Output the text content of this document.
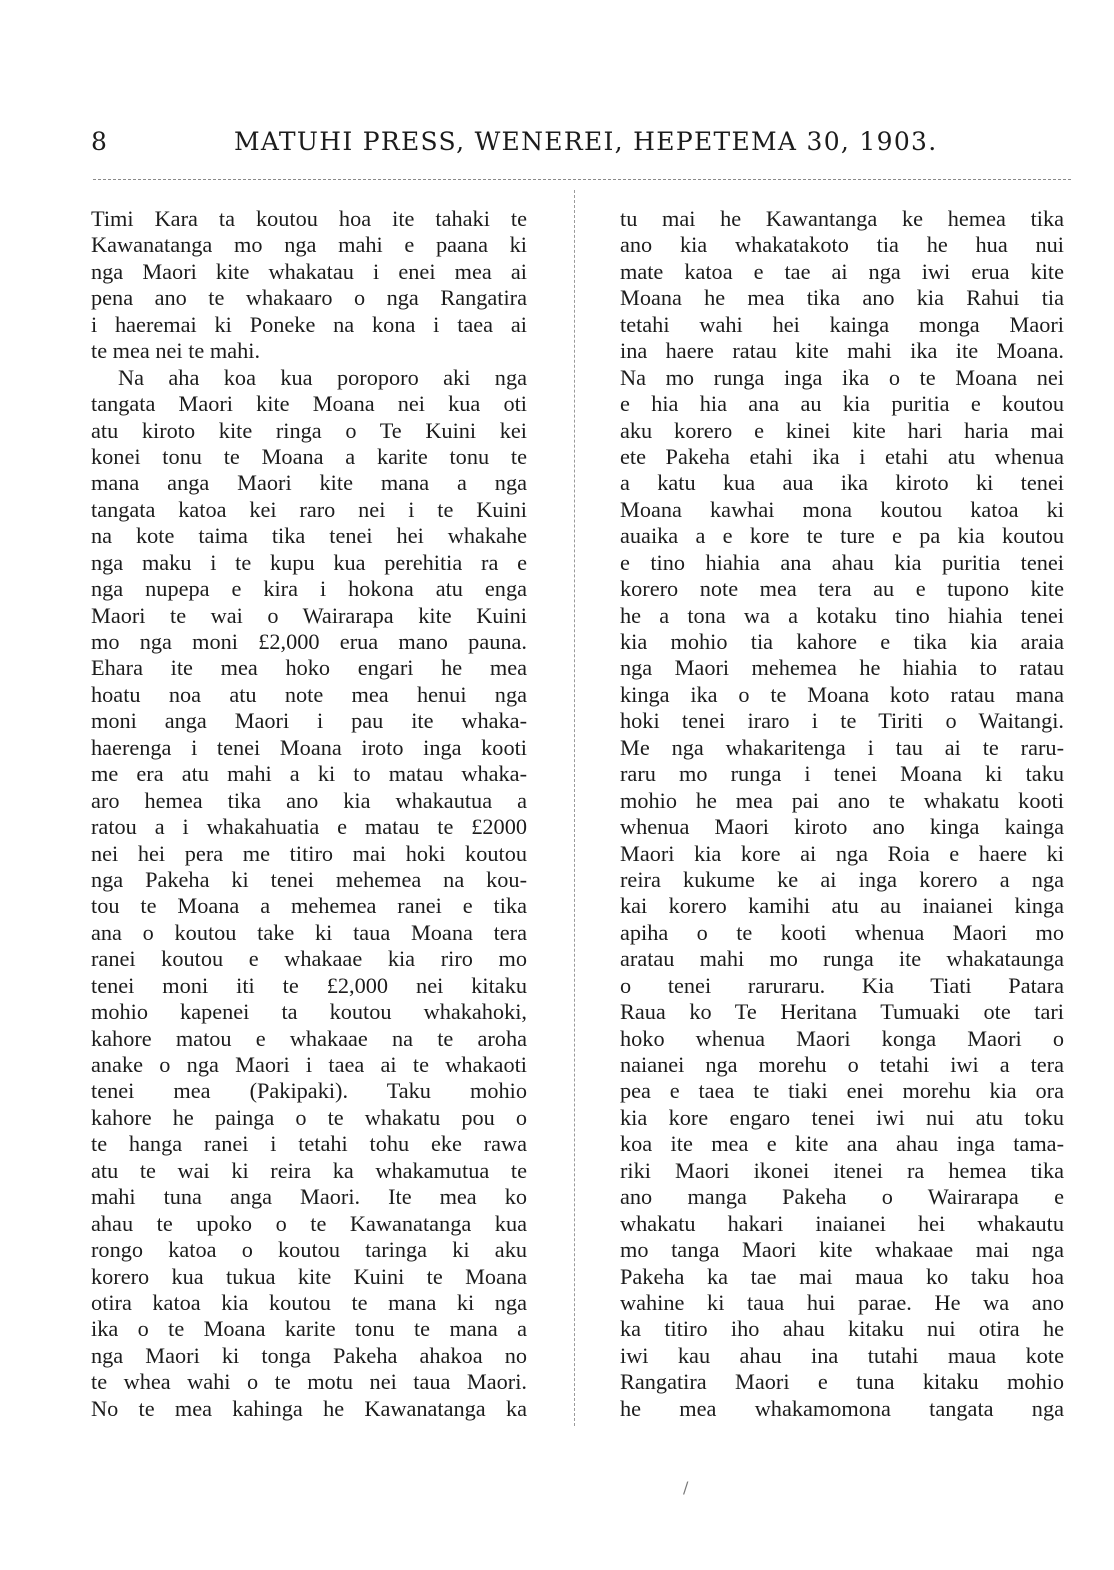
8	MATUHI PRESS, WENEREI, HEPETEMA 30, 1903.
Timi Kara ta koutou hoa ite tahaki te
Kawanatanga mo nga mahi e paana ki
nga Maori kite whakatau i enei mea ai
pena ano te whakaaro o nga Rangatira
i haeremai ki Poneke na kona i taea ai
te mea nei te mahi.
Na aha koa kua poroporo aki nga
tangata Maori kite Moana nei kua oti
atu kiroto kite ringa o Te Kuini kei
konei tonu te Moana a karite tonu te
mana anga Maori kite mana a nga
tangata katoa kei raro nei i te Kuini
na kote taima tika tenei hei whakahe
nga maku i te kupu kua perehitia ra e
nga nupepa e kira i hokona atu enga
Maori te wai o Wairarapa kite Kuini
mo nga moni £2,000 erua mano pauna.
Ehara ite mea hoko engari he mea
hoatu noa atu note mea henui nga
moni anga Maori i pau ite whaka-
haerenga i tenei Moana iroto inga kooti
me era atu mahi a ki to matau whaka-
aro hemea tika ano kia whakautua a
ratou a i whakahuatia e matau te £2000
nei hei pera me titiro mai hoki koutou
nga Pakeha ki tenei mehemea na kou-
tou te Moana a mehemea ranei e tika
ana o koutou take ki taua Moana tera
ranei koutou e whakaae kia riro mo
tenei moni iti te £2,000 nei kitaku
mohio kapenei ta koutou whakahoki,
kahore matou e whakaae na te aroha
anake o nga Maori i taea ai te whakaoti
tenei mea (Pakipaki). Taku mohio
kahore he painga o te whakatu pou o
te hanga ranei i tetahi tohu eke rawa
atu te wai ki reira ka whakamutua te
mahi tuna anga Maori. Ite mea ko
ahau te upoko o te Kawanatanga kua
rongo katoa o koutou taringa ki aku
korero kua tukua kite Kuini te Moana
otira katoa kia koutou te mana ki nga
ika o te Moana karite tonu te mana a
nga Maori ki tonga Pakeha ahakoa no
te whea wahi o te motu nei taua Maori.
No te mea kahinga he Kawanatanga ka
tu mai he Kawantanga ke hemea tika
ano kia whakatakoto tia he hua nui
mate katoa e tae ai nga iwi erua kite
Moana he mea tika ano kia Rahui tia
tetahi wahi hei kainga monga Maori
ina haere ratau kite mahi ika ite Moana.
Na mo runga inga ika o te Moana nei
e hia hia ana au kia puritia e koutou
aku korero e kinei kite hari haria mai
ete Pakeha etahi ika i etahi atu whenua
a katu kua aua ika kiroto ki tenei
Moana kawhai mona koutou katoa ki
auaika a e kore te ture e pa kia koutou
e tino hiahia ana ahau kia puritia tenei
korero note mea tera au e tupono kite
he a tona wa a kotaku tino hiahia tenei
kia mohio tia kahore e tika kia araia
nga Maori mehemea he hiahia to ratau
kinga ika o te Moana koto ratau mana
hoki tenei iraro i te Tiriti o Waitangi.
Me nga whakaritenga i tau ai te raru-
raru mo runga i tenei Moana ki taku
mohio he mea pai ano te whakatu kooti
whenua Maori kiroto ano kinga kainga
Maori kia kore ai nga Roia e haere ki
reira kukume ke ai inga korero a nga
kai korero kamihi atu au inaianei kinga
apiha o te kooti whenua Maori mo
aratau mahi mo runga ite whakataunga
o tenei raruraru. Kia Tiati Patara
Raua ko Te Heritana Tumuaki ote tari
hoko whenua Maori konga Maori o
naianei nga morehu o tetahi iwi a tera
pea e taea te tiaki enei morehu kia ora
kia kore engaro tenei iwi nui atu toku
koa ite mea e kite ana ahau inga tama-
riki Maori ikonei itenei ra hemea tika
ano manga Pakeha o Wairarapa e
whakatu hakari inaianei hei whakautu
mo tanga Maori kite whakaae mai nga
Pakeha ka tae mai maua ko taku hoa
wahine ki taua hui parae. He wa ano
ka titiro iho ahau kitaku nui otira he
iwi kau ahau ina tutahi maua kote
Rangatira Maori e tuna kitaku mohio
he mea whakamomona tangata nga
/
